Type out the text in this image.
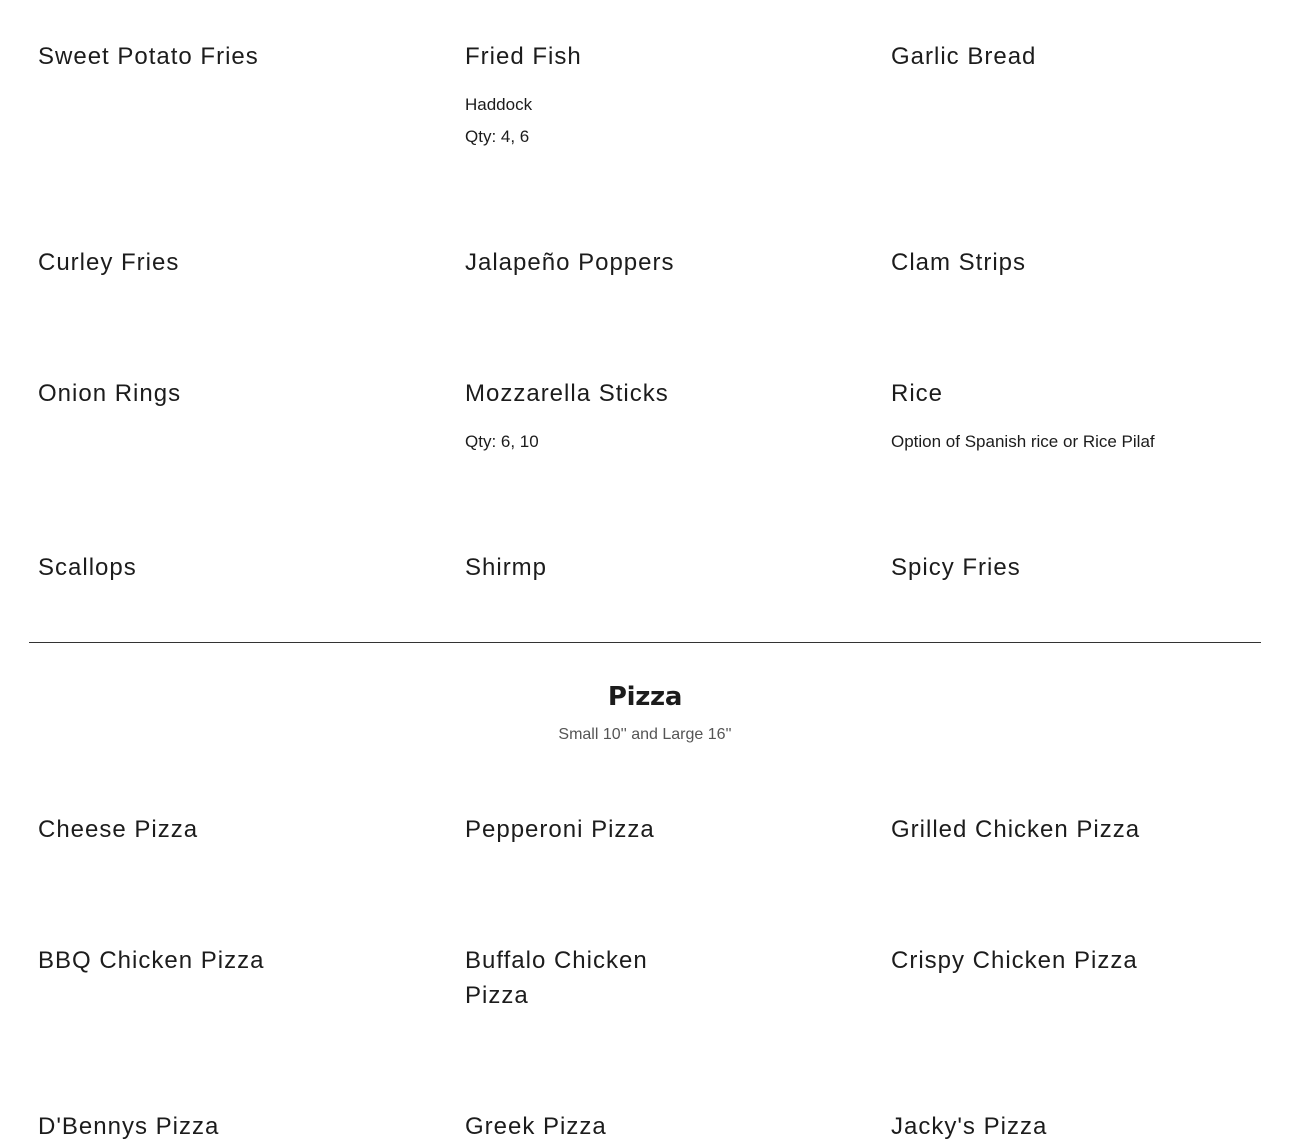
Sweet Potato Fries	Fried Fish

Haddock

Qty: 4, 6

Garlic Bread
Curley Fries	Jalapeño Poppers	Clam Strips
Onion Rings	Mozzarella Sticks

Qty: 6, 10

Rice

Option of Spanish rice or Rice Pilaf

Scallops	Shirmp	Spicy Fries
Pizza

Small 10'' and Large 16''

Cheese Pizza	Pepperoni Pizza	Grilled Chicken Pizza
BBQ Chicken Pizza	Buffalo Chicken Pizza
Crispy Chicken Pizza
D'Bennys Pizza	Greek Pizza	Jacky's Pizza
